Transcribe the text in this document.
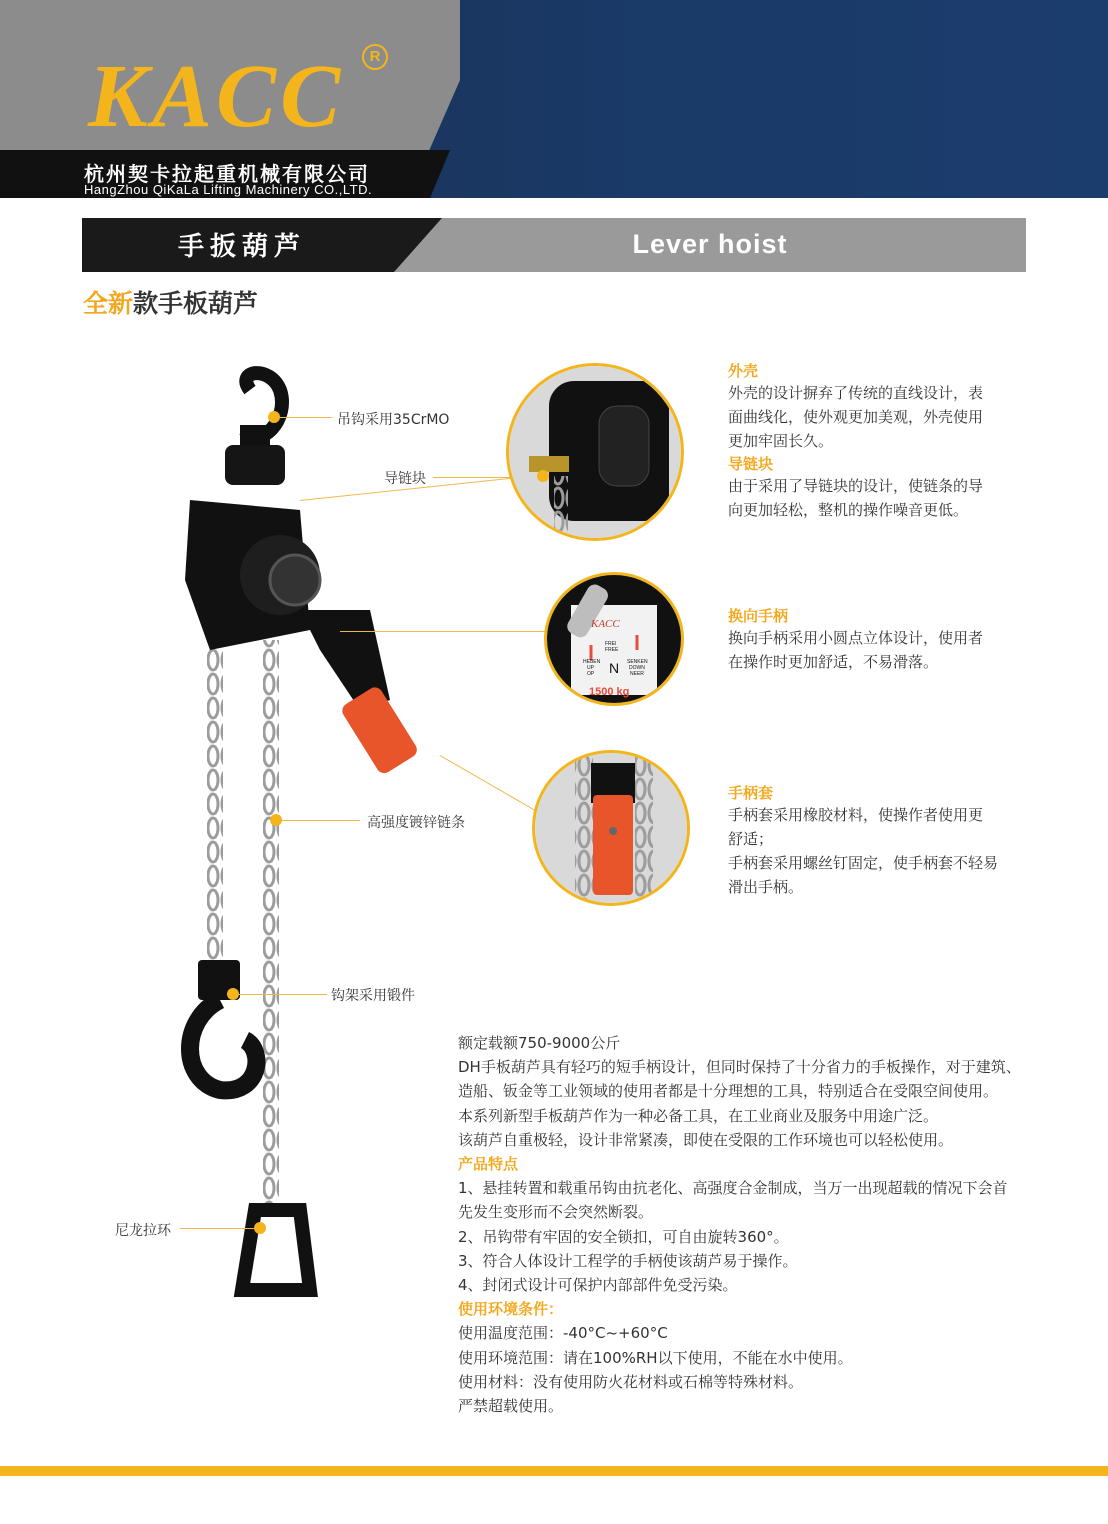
KACC	R
杭州契卡拉起重机械有限公司
HangZhou QiKaLa Lifting Machinery CO.,LTD.
手扳葫芦	Lever hoist
全新款手板葫芦
吊钩采用35CrMO
导链块
高强度镀锌链条
钩架采用锻件
尼龙拉环
KACC
FREI
FREE
HEBEN
UP
OP N SENKEN
DOWN
NEER
1500 kg
外壳
外壳的设计摒弃了传统的直线设计，表
面曲线化，使外观更加美观，外壳使用
更加牢固长久。
导链块
由于采用了导链块的设计，使链条的导
向更加轻松，整机的操作噪音更低。
换向手柄
换向手柄采用小圆点立体设计，使用者
在操作时更加舒适，不易滑落。
手柄套
手柄套采用橡胶材料，使操作者使用更
舒适；
手柄套采用螺丝钉固定，使手柄套不轻易
滑出手柄。

额定载额750-9000公斤

DH手板葫芦具有轻巧的短手柄设计，但同时保持了十分省力的手板操作，对于建筑、

造船、钣金等工业领域的使用者都是十分理想的工具，特别适合在受限空间使用。

本系列新型手板葫芦作为一种必备工具，在工业商业及服务中用途广泛。

该葫芦自重极轻，设计非常紧凑，即使在受限的工作环境也可以轻松使用。

产品特点

1、悬挂转置和载重吊钩由抗老化、高强度合金制成，当万一出现超载的情况下会首

先发生变形而不会突然断裂。

2、吊钩带有牢固的安全锁扣，可自由旋转360°。

3、符合人体设计工程学的手柄使该葫芦易于操作。

4、封闭式设计可保护内部部件免受污染。

使用环境条件：

使用温度范围：-40°C~+60°C

使用环境范围：请在100%RH以下使用，不能在水中使用。

使用材料：没有使用防火花材料或石棉等特殊材料。

严禁超载使用。
